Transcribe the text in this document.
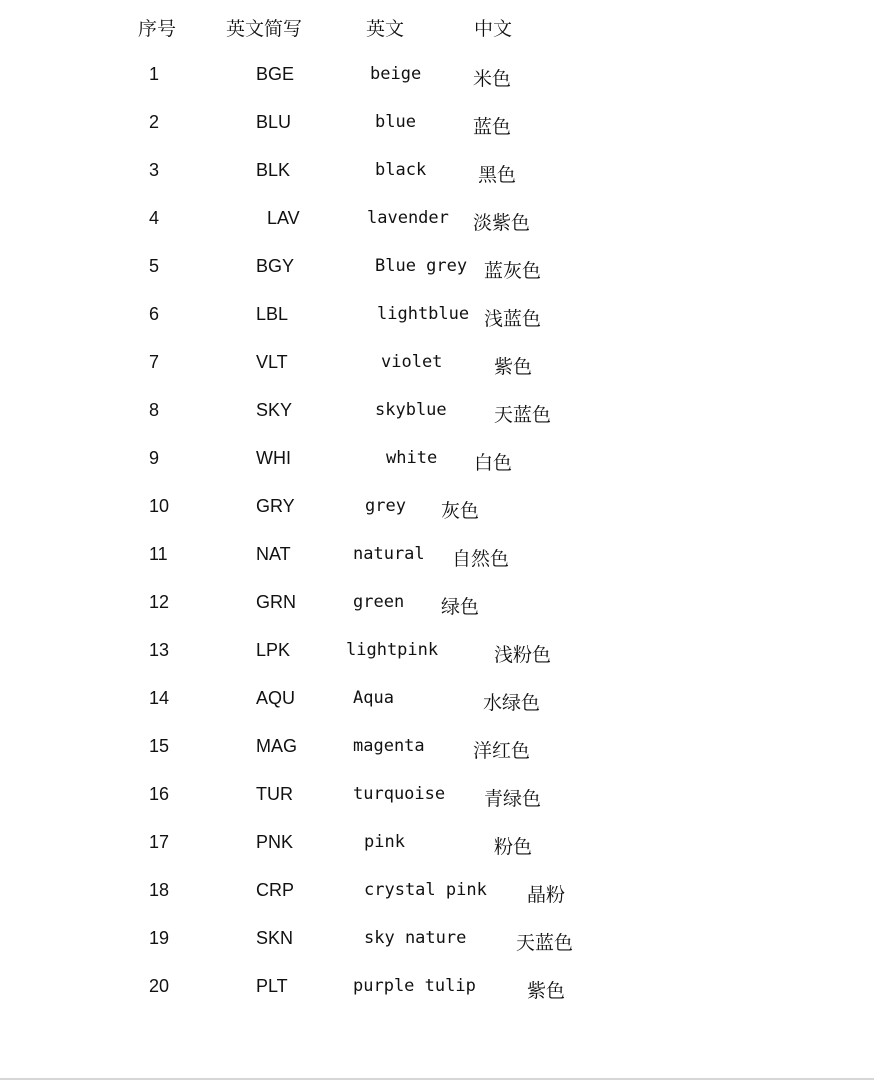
序号	英文简写	英文	中文
1	BGE	beige	米色
2	BLU	blue	蓝色
3	BLK	black	黑色
4	LAV	lavender 淡紫色
5	BGY	Blue grey 蓝灰色
6	LBL	lightblue 浅蓝色
7	VLT	violet	紫色
8	SKY	skyblue 天蓝色
9	WHI	white 白色
10	GRY	grey 灰色
11	NAT	natural 自然色
12	GRN	green 绿色
13	LPK	lightpink	浅粉色
14	AQU	Aqua	水绿色
15	MAG	magenta	洋红色
16	TUR	turquoise 青绿色
17	PNK	pink	粉色
18	CRP	crystal pink 晶粉
19	SKN	sky nature	天蓝色
20	PLT	purple tulip	紫色
